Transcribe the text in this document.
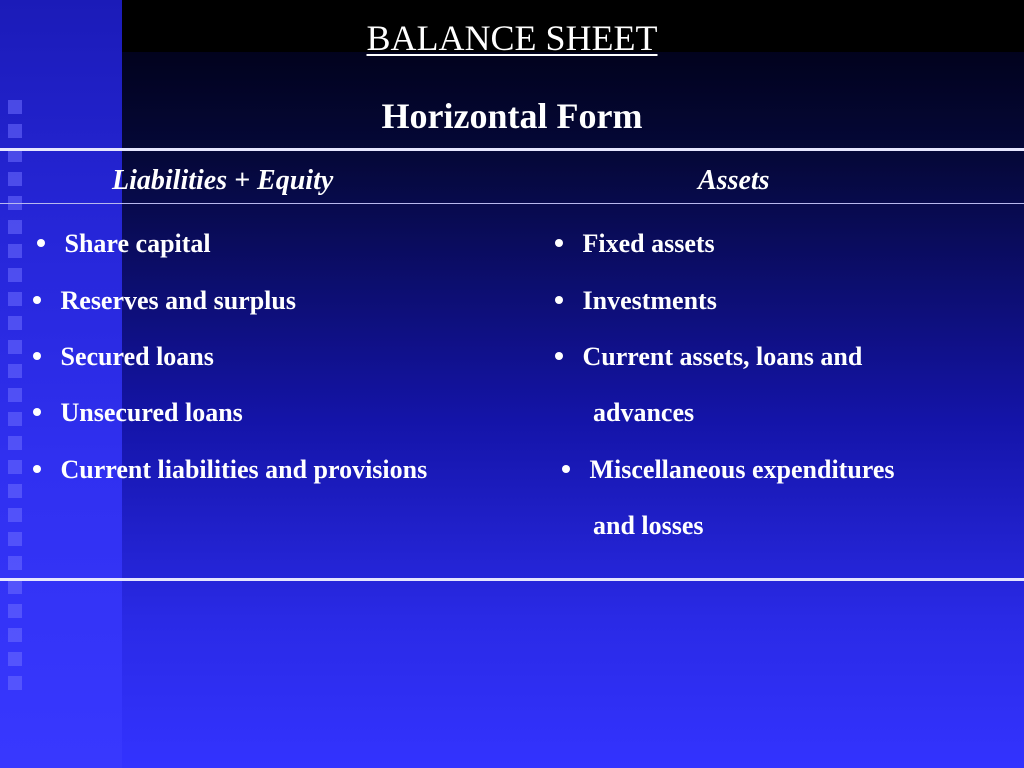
BALANCE SHEET
Horizontal Form
Liabilities + Equity	Assets
Share capital
Reserves and surplus
Secured loans
Unsecured loans
Current liabilities and provisions
Fixed assets
Investments
Current assets, loans and
advances
Miscellaneous expenditures
and losses
